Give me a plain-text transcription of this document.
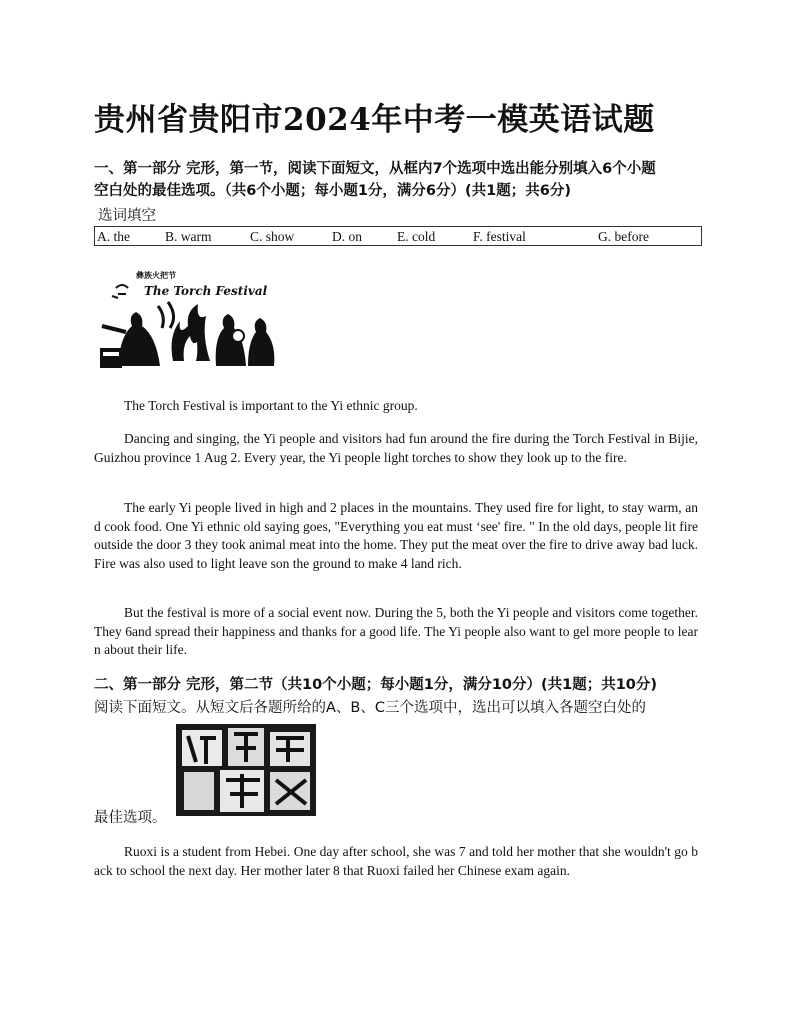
贵州省贵阳市2024年中考一模英语试题
一、第一部分 完形，第一节，阅读下面短文，从框内7个选项中选出能分别填入6个小题
空白处的最佳选项。（共6个小题；每小题1分，满分6分）(共1题；共6分)
选词填空
A. the	B. warm	C. show	D. on	E. cold	F. festival	G. before
彝族火把节
The Torch Festival
The Torch Festival is important to the Yi ethnic group.
Dancing and singing, the Yi people and visitors had fun around the fire during the Torch Festival in Bijie, Guizhou province 1 Aug 2. Every year, the Yi people light torches to show they look up to the fire.
The early Yi people lived in high and 2 places in the mountains. They used fire for light, to stay warm, and cook food. One Yi ethnic old saying goes, "Everything you eat must ‘see' fire. " In the old days, people lit fire outside the door 3 they took animal meat into the home. They put the meat over the fire to drive away bad luck. Fire was also used to light leave son the ground to make 4 land rich.
But the festival is more of a social event now. During the 5, both the Yi people and visitors come together. They 6and spread their happiness and thanks for a good life. The Yi people also want to gel more people to learn about their life.
二、第一部分 完形，第二节（共10个小题；每小题1分，满分10分）(共1题；共10分)
阅读下面短文。从短文后各题所给的A、B、C三个选项中，选出可以填入各题空白处的
最佳选项。
Ruoxi is a student from Hebei. One day after school, she was 7 and told her mother that she wouldn't go back to school the next day. Her mother later 8 that Ruoxi failed her Chinese exam again.
